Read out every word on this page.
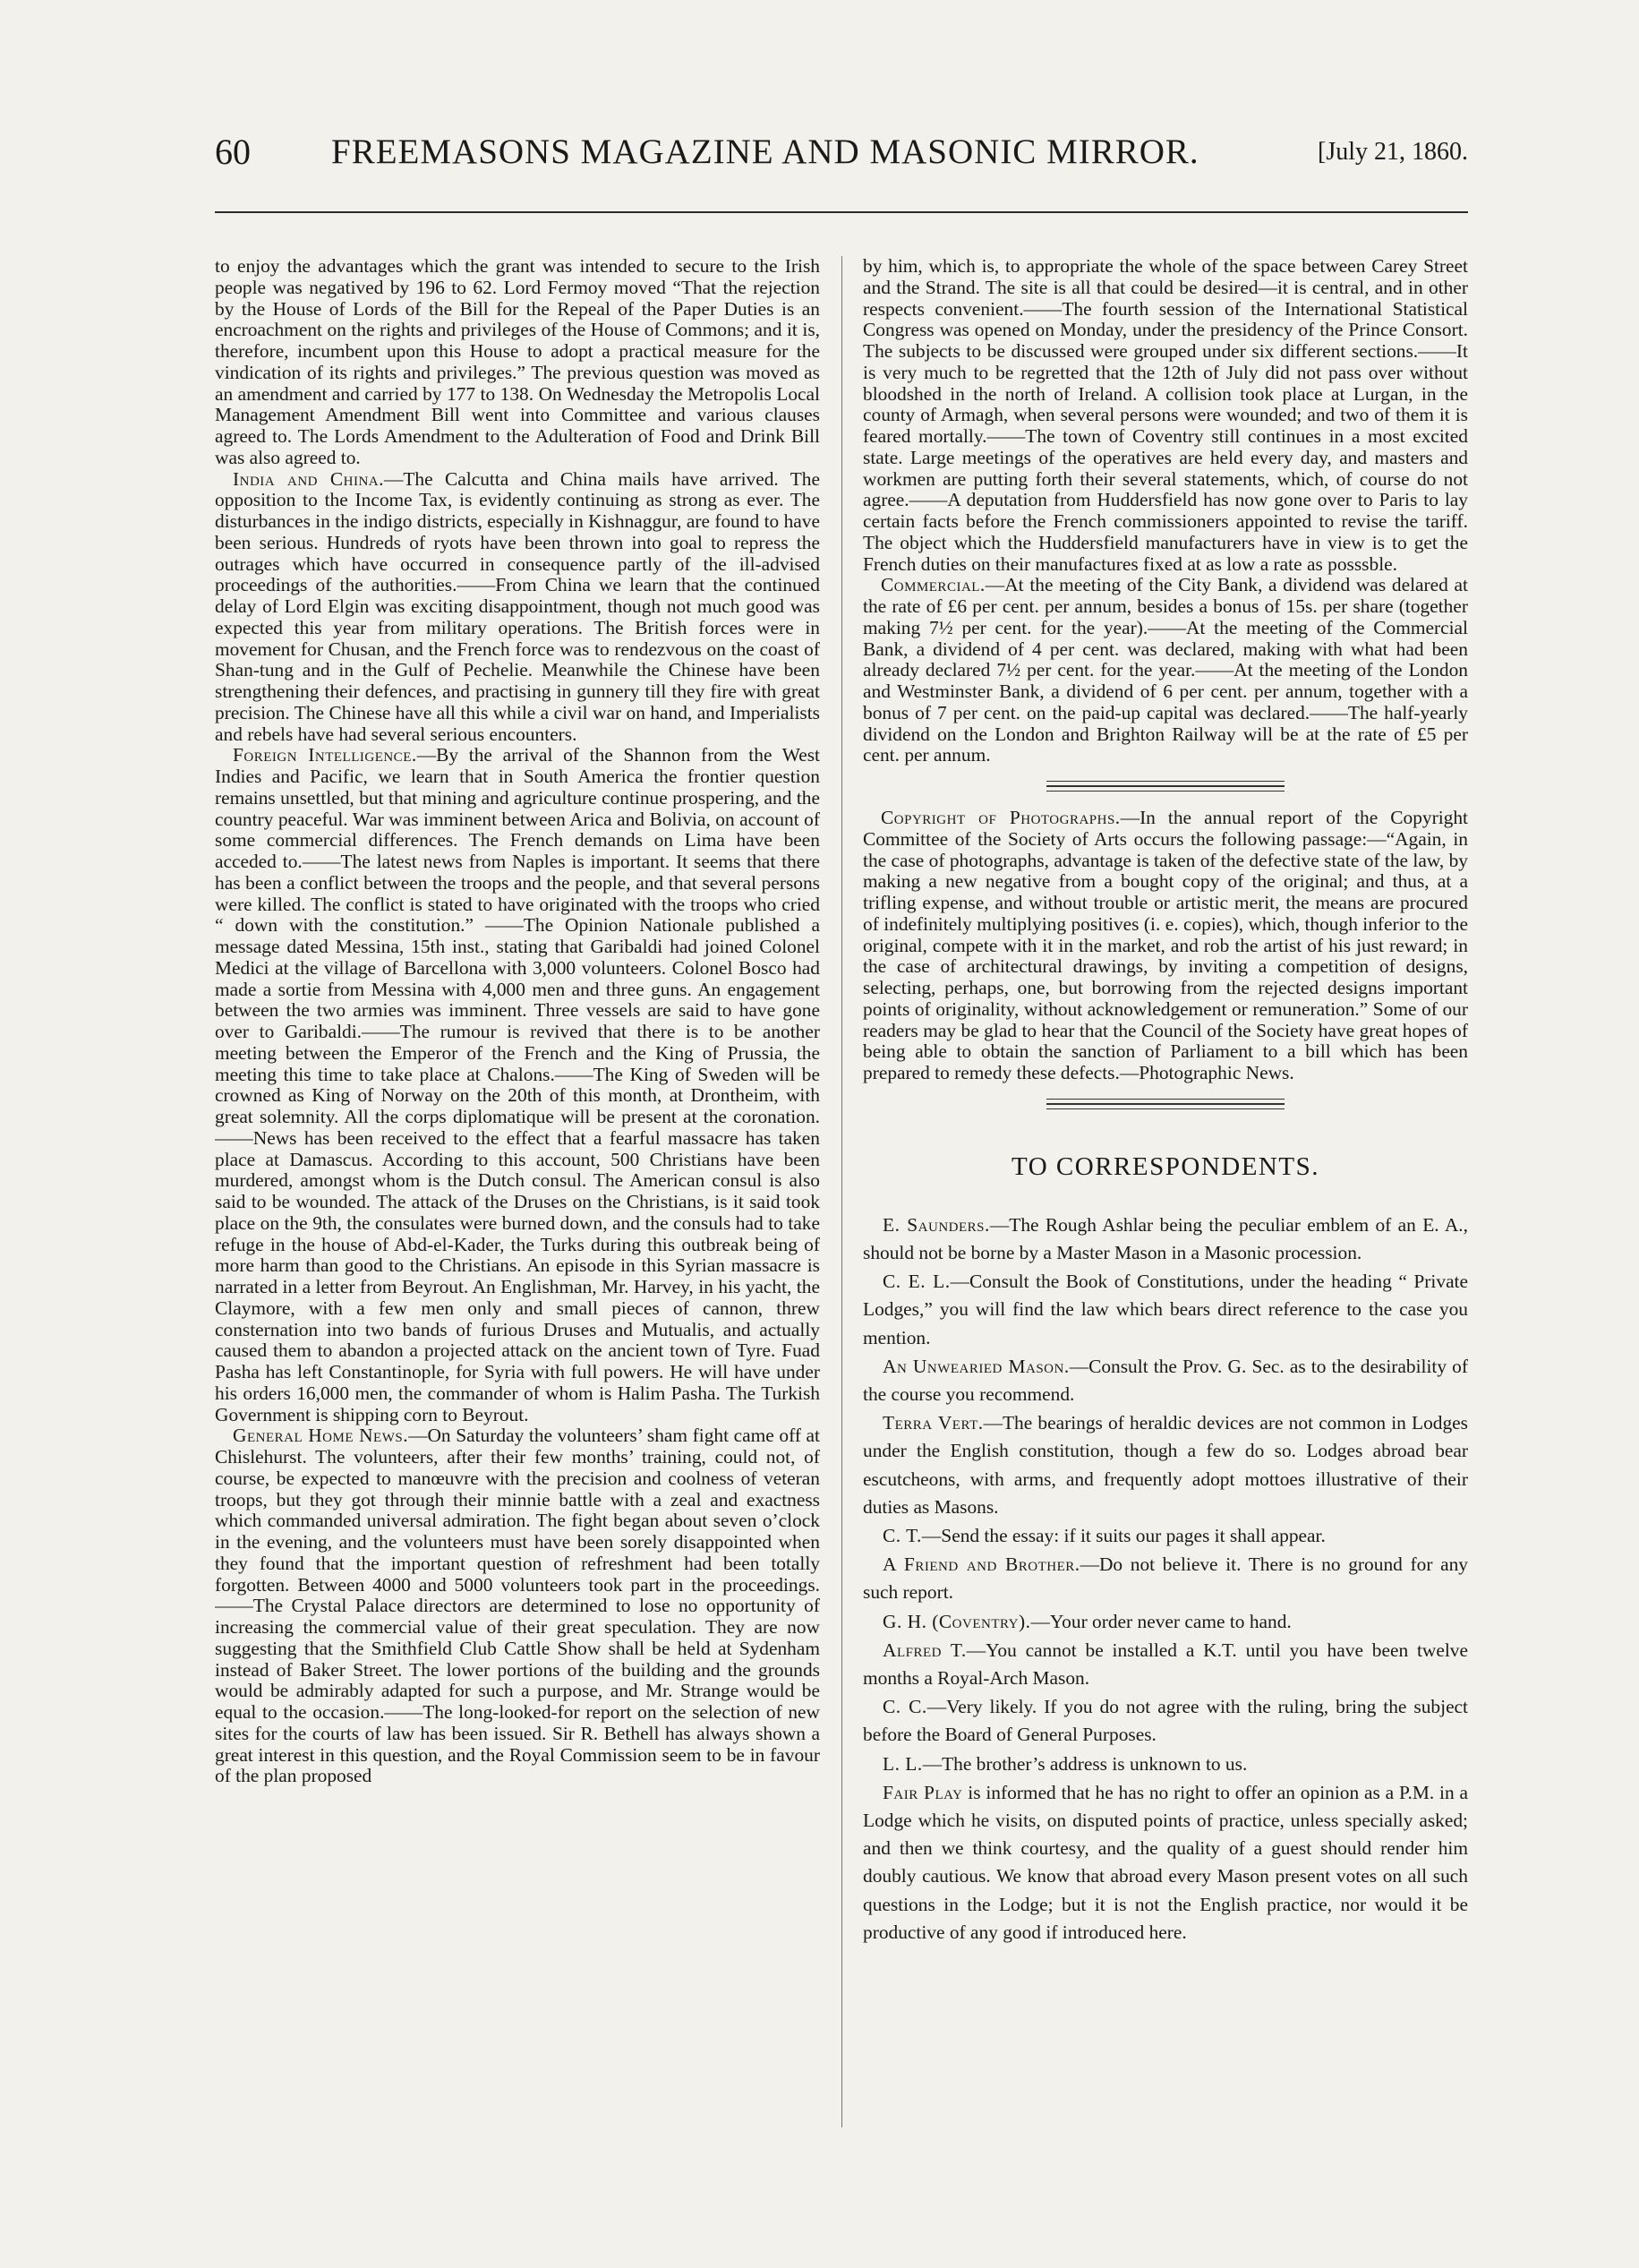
60 FREEMASONS MAGAZINE AND MASONIC MIRROR.	[July 21, 1860.

to enjoy the advantages which the grant was intended to secure to the Irish people was negatived by 196 to 62. Lord Fermoy moved “That the rejection by the House of Lords of the Bill for the Repeal of the Paper Duties is an encroachment on the rights and privileges of the House of Commons; and it is, therefore, incumbent upon this House to adopt a practical measure for the vindication of its rights and privileges.” The previous question was moved as an amendment and carried by 177 to 138. On Wednesday the Metropolis Local Management Amendment Bill went into Committee and various clauses agreed to. The Lords Amendment to the Adulteration of Food and Drink Bill was also agreed to.

India and China.—The Calcutta and China mails have arrived. The opposition to the Income Tax, is evidently continuing as strong as ever. The disturbances in the indigo districts, especially in Kishnaggur, are found to have been serious. Hundreds of ryots have been thrown into goal to repress the outrages which have occurred in consequence partly of the ill-advised proceedings of the authorities.——From China we learn that the continued delay of Lord Elgin was exciting disappointment, though not much good was expected this year from military operations. The British forces were in movement for Chusan, and the French force was to rendezvous on the coast of Shan-tung and in the Gulf of Pechelie. Meanwhile the Chinese have been strengthening their defences, and practising in gunnery till they fire with great precision. The Chinese have all this while a civil war on hand, and Imperialists and rebels have had several serious encounters.

Foreign Intelligence.—By the arrival of the Shannon from the West Indies and Pacific, we learn that in South America the frontier question remains unsettled, but that mining and agriculture continue prospering, and the country peaceful. War was imminent between Arica and Bolivia, on account of some commercial differences. The French demands on Lima have been acceded to.——The latest news from Naples is important. It seems that there has been a conflict between the troops and the people, and that several persons were killed. The conflict is stated to have originated with the troops who cried “ down with the constitution.” ——The Opinion Nationale published a message dated Messina, 15th inst., stating that Garibaldi had joined Colonel Medici at the village of Barcellona with 3,000 volunteers. Colonel Bosco had made a sortie from Messina with 4,000 men and three guns. An engagement between the two armies was imminent. Three vessels are said to have gone over to Garibaldi.——The rumour is revived that there is to be another meeting between the Emperor of the French and the King of Prussia, the meeting this time to take place at Chalons.——The King of Sweden will be crowned as King of Norway on the 20th of this month, at Drontheim, with great solemnity. All the corps diplomatique will be present at the coronation.——News has been received to the effect that a fearful massacre has taken place at Damascus. According to this account, 500 Christians have been murdered, amongst whom is the Dutch consul. The American consul is also said to be wounded. The attack of the Druses on the Christians, is it said took place on the 9th, the consulates were burned down, and the consuls had to take refuge in the house of Abd-el-Kader, the Turks during this outbreak being of more harm than good to the Christians. An episode in this Syrian massacre is narrated in a letter from Beyrout. An Englishman, Mr. Harvey, in his yacht, the Claymore, with a few men only and small pieces of cannon, threw consternation into two bands of furious Druses and Mutualis, and actually caused them to abandon a projected attack on the ancient town of Tyre. Fuad Pasha has left Constantinople, for Syria with full powers. He will have under his orders 16,000 men, the commander of whom is Halim Pasha. The Turkish Government is shipping corn to Beyrout.

General Home News.—On Saturday the volunteers’ sham fight came off at Chislehurst. The volunteers, after their few months’ training, could not, of course, be expected to manœuvre with the precision and coolness of veteran troops, but they got through their minnie battle with a zeal and exactness which commanded universal admiration. The fight began about seven o’clock in the evening, and the volunteers must have been sorely disappointed when they found that the important question of refreshment had been totally forgotten. Between 4000 and 5000 volunteers took part in the proceedings.——The Crystal Palace directors are determined to lose no opportunity of increasing the commercial value of their great speculation. They are now suggesting that the Smithfield Club Cattle Show shall be held at Sydenham instead of Baker Street. The lower portions of the building and the grounds would be admirably adapted for such a purpose, and Mr. Strange would be equal to the occasion.——The long-looked-for report on the selection of new sites for the courts of law has been issued. Sir R. Bethell has always shown a great interest in this question, and the Royal Commission seem to be in favour of the plan proposed

by him, which is, to appropriate the whole of the space between Carey Street and the Strand. The site is all that could be desired—it is central, and in other respects convenient.——The fourth session of the International Statistical Congress was opened on Monday, under the presidency of the Prince Consort. The subjects to be discussed were grouped under six different sections.——It is very much to be regretted that the 12th of July did not pass over without bloodshed in the north of Ireland. A collision took place at Lurgan, in the county of Armagh, when several persons were wounded; and two of them it is feared mortally.——The town of Coventry still continues in a most excited state. Large meetings of the operatives are held every day, and masters and workmen are putting forth their several statements, which, of course do not agree.——A deputation from Huddersfield has now gone over to Paris to lay certain facts before the French commissioners appointed to revise the tariff. The object which the Huddersfield manufacturers have in view is to get the French duties on their manufactures fixed at as low a rate as posssble.

Commercial.—At the meeting of the City Bank, a dividend was delared at the rate of £6 per cent. per annum, besides a bonus of 15s. per share (together making 7½ per cent. for the year).——At the meeting of the Commercial Bank, a dividend of 4 per cent. was declared, making with what had been already declared 7½ per cent. for the year.——At the meeting of the London and Westminster Bank, a dividend of 6 per cent. per annum, together with a bonus of 7 per cent. on the paid-up capital was declared.——The half-yearly dividend on the London and Brighton Railway will be at the rate of £5 per cent. per annum.

Copyright of Photographs.—In the annual report of the Copyright Committee of the Society of Arts occurs the following passage:—“Again, in the case of photographs, advantage is taken of the defective state of the law, by making a new negative from a bought copy of the original; and thus, at a trifling expense, and without trouble or artistic merit, the means are procured of indefinitely multiplying positives (i. e. copies), which, though inferior to the original, compete with it in the market, and rob the artist of his just reward; in the case of architectural drawings, by inviting a competition of designs, selecting, perhaps, one, but borrowing from the rejected designs important points of originality, without acknowledgement or remuneration.” Some of our readers may be glad to hear that the Council of the Society have great hopes of being able to obtain the sanction of Parliament to a bill which has been prepared to remedy these defects.—Photographic News.

TO CORRESPONDENTS.

E. Saunders.—The Rough Ashlar being the peculiar emblem of an E. A., should not be borne by a Master Mason in a Masonic procession.

C. E. L.—Consult the Book of Constitutions, under the heading “ Private Lodges,” you will find the law which bears direct reference to the case you mention.

An Unwearied Mason.—Consult the Prov. G. Sec. as to the desirability of the course you recommend.

Terra Vert.—The bearings of heraldic devices are not common in Lodges under the English constitution, though a few do so. Lodges abroad bear escutcheons, with arms, and frequently adopt mottoes illustrative of their duties as Masons.

C. T.—Send the essay: if it suits our pages it shall appear.

A Friend and Brother.—Do not believe it. There is no ground for any such report.

G. H. (Coventry).—Your order never came to hand.

Alfred T.—You cannot be installed a K.T. until you have been twelve months a Royal-Arch Mason.

C. C.—Very likely. If you do not agree with the ruling, bring the subject before the Board of General Purposes.

L. L.—The brother’s address is unknown to us.

Fair Play is informed that he has no right to offer an opinion as a P.M. in a Lodge which he visits, on disputed points of practice, unless specially asked; and then we think courtesy, and the quality of a guest should render him doubly cautious. We know that abroad every Mason present votes on all such questions in the Lodge; but it is not the English practice, nor would it be productive of any good if introduced here.
